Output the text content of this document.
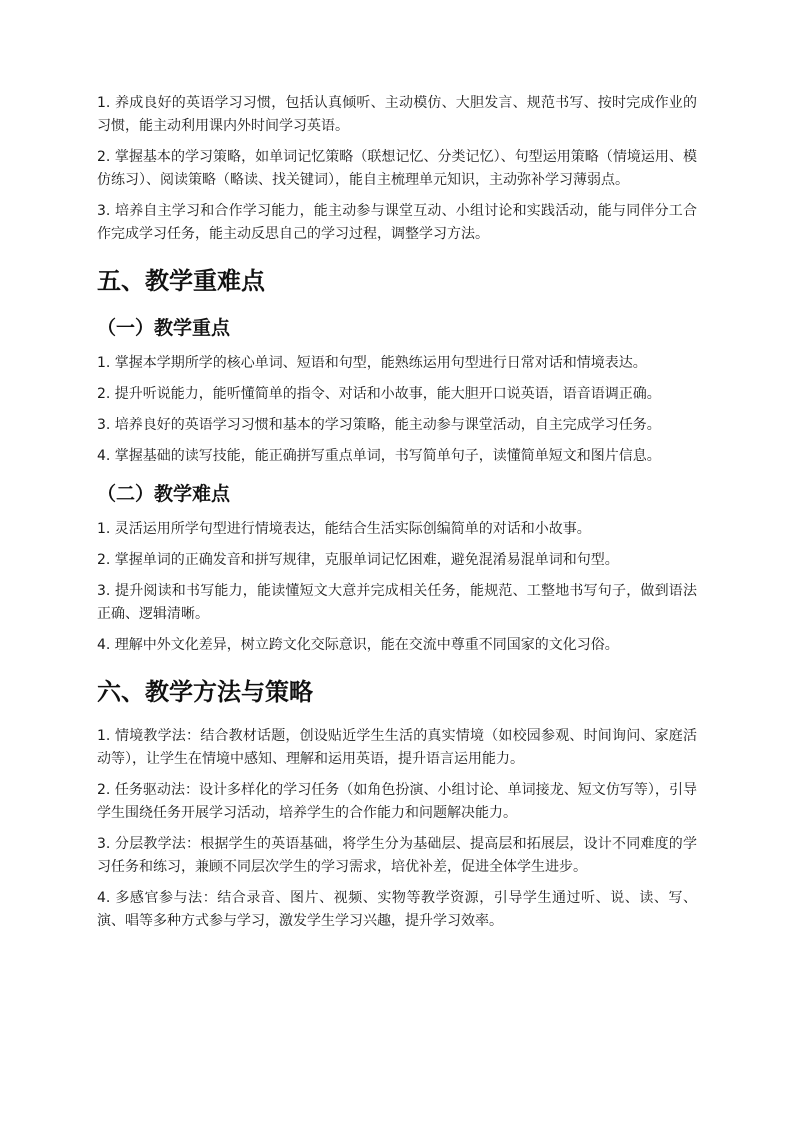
1. 养成良好的英语学习习惯，包括认真倾听、主动模仿、大胆发言、规范书写、按时完成作业的习惯，能主动利用课内外时间学习英语。

2. 掌握基本的学习策略，如单词记忆策略（联想记忆、分类记忆）、句型运用策略（情境运用、模仿练习）、阅读策略（略读、找关键词），能自主梳理单元知识，主动弥补学习薄弱点。

3. 培养自主学习和合作学习能力，能主动参与课堂互动、小组讨论和实践活动，能与同伴分工合作完成学习任务，能主动反思自己的学习过程，调整学习方法。

五、教学重难点
（一）教学重点

1. 掌握本学期所学的核心单词、短语和句型，能熟练运用句型进行日常对话和情境表达。

2. 提升听说能力，能听懂简单的指令、对话和小故事，能大胆开口说英语，语音语调正确。

3. 培养良好的英语学习习惯和基本的学习策略，能主动参与课堂活动，自主完成学习任务。

4. 掌握基础的读写技能，能正确拼写重点单词，书写简单句子，读懂简单短文和图片信息。

（二）教学难点

1. 灵活运用所学句型进行情境表达，能结合生活实际创编简单的对话和小故事。

2. 掌握单词的正确发音和拼写规律，克服单词记忆困难，避免混淆易混单词和句型。

3. 提升阅读和书写能力，能读懂短文大意并完成相关任务，能规范、工整地书写句子，做到语法正确、逻辑清晰。

4. 理解中外文化差异，树立跨文化交际意识，能在交流中尊重不同国家的文化习俗。

六、教学方法与策略

1. 情境教学法：结合教材话题，创设贴近学生生活的真实情境（如校园参观、时间询问、家庭活动等），让学生在情境中感知、理解和运用英语，提升语言运用能力。

2. 任务驱动法：设计多样化的学习任务（如角色扮演、小组讨论、单词接龙、短文仿写等），引导学生围绕任务开展学习活动，培养学生的合作能力和问题解决能力。

3. 分层教学法：根据学生的英语基础，将学生分为基础层、提高层和拓展层，设计不同难度的学习任务和练习，兼顾不同层次学生的学习需求，培优补差，促进全体学生进步。

4. 多感官参与法：结合录音、图片、视频、实物等教学资源，引导学生通过听、说、读、写、演、唱等多种方式参与学习，激发学生学习兴趣，提升学习效率。
